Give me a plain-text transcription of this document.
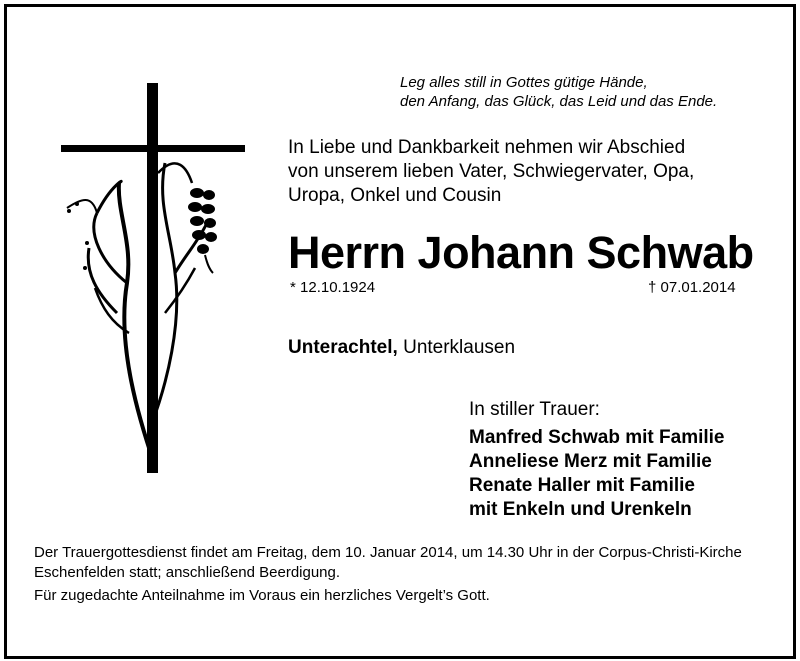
Leg alles still in Gottes gütige Hände,
den Anfang, das Glück, das Leid und das Ende.
In Liebe und Dankbarkeit nehmen wir Abschied
von unserem lieben Vater, Schwiegervater, Opa,
Uropa, Onkel und Cousin
Herrn Johann Schwab
* 12.10.1924	† 07.01.2014
Unterachtel, Unterklausen
In stiller Trauer:
Manfred Schwab mit Familie
Anneliese Merz mit Familie
Renate Haller mit Familie
mit Enkeln und Urenkeln
Der Trauergottesdienst findet am Freitag, dem 10. Januar 2014, um 14.30 Uhr in der Corpus-Christi-Kirche Eschenfelden statt; anschließend Beerdigung.
Für zugedachte Anteilnahme im Voraus ein herzliches Vergelt’s Gott.
